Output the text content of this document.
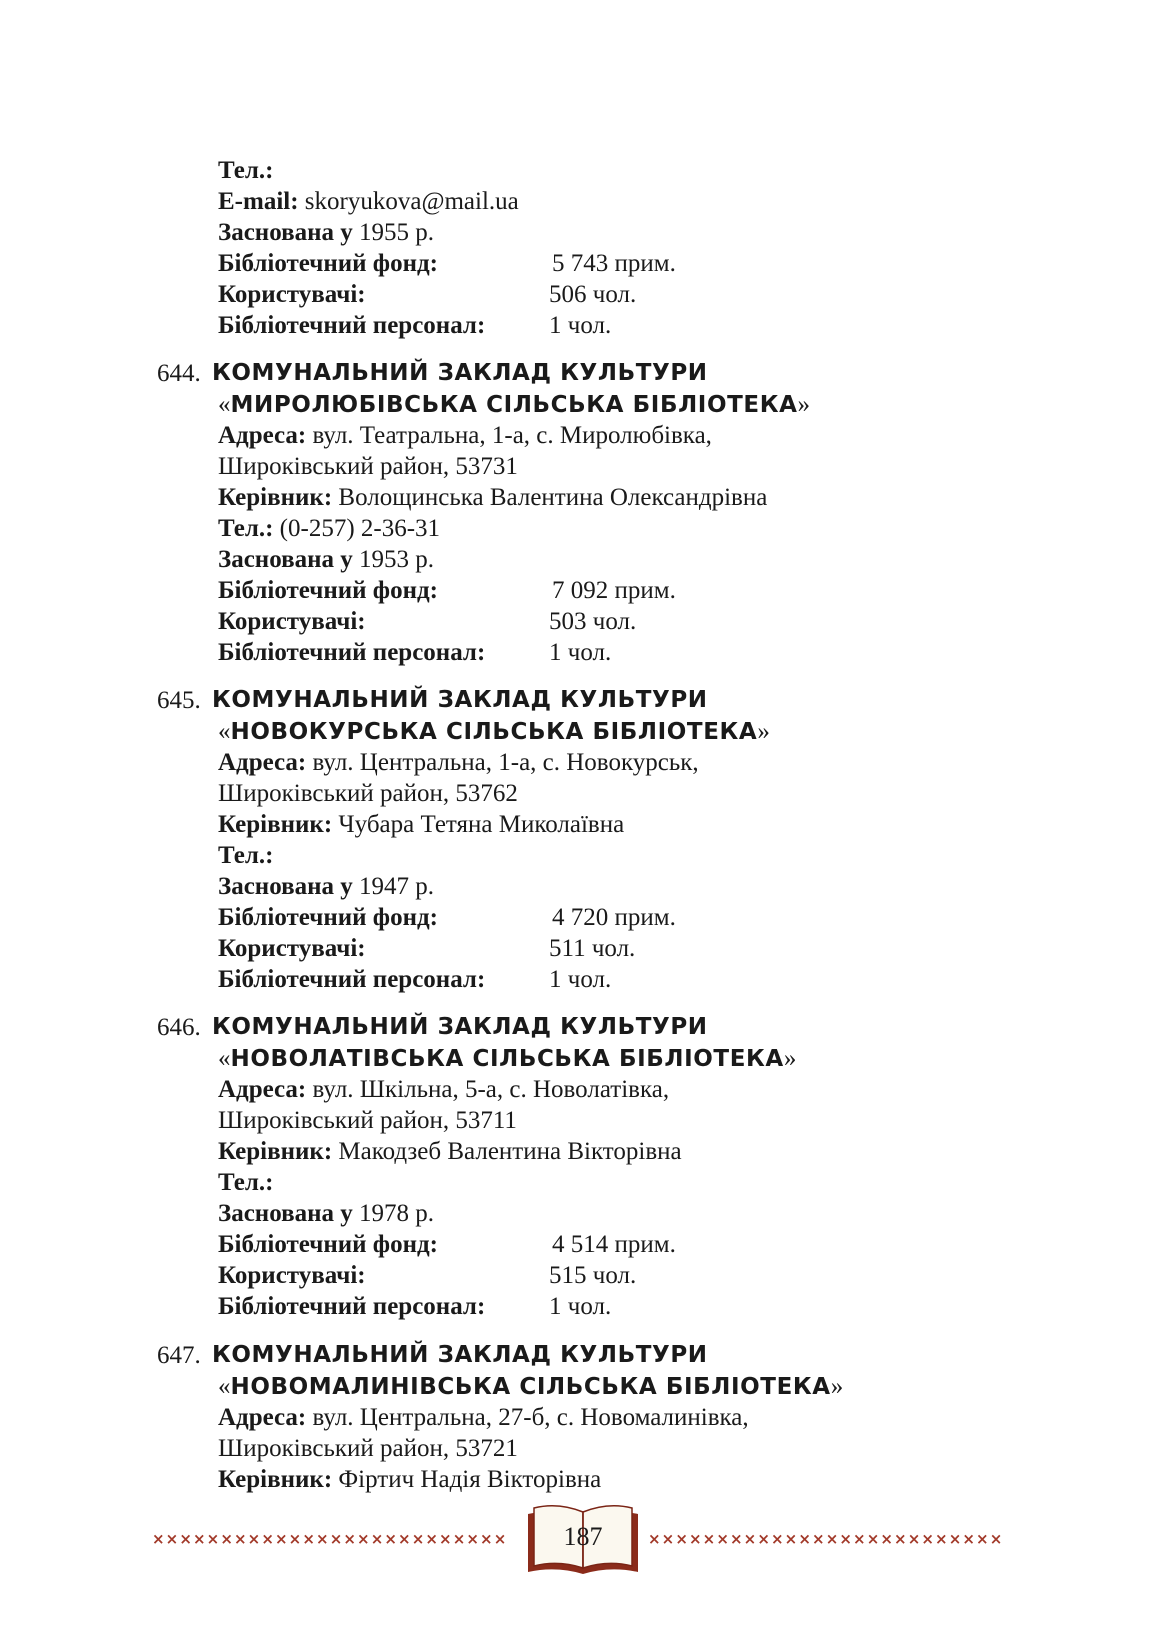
Тел.:
E-mail: skoryukova@mail.ua
Заснована у 1955 р.
Бібліотечний фонд:	5 743 прим.
Користувачі:	506 чол.
Бібліотечний персонал:	1 чол.
644. КОМУНАЛЬНИЙ ЗАКЛАД КУЛЬТУРИ
«МИРОЛЮБІВСЬКА СІЛЬСЬКА БІБЛІОТЕКА»
Адреса: вул. Театральна, 1-а, с. Миролюбівка,
Широківський район, 53731
Керівник: Волощинська Валентина Олександрівна
Тел.: (0-257) 2-36-31
Заснована у 1953 р.
Бібліотечний фонд:	7 092 прим.
Користувачі:	503 чол.
Бібліотечний персонал:	1 чол.
645. КОМУНАЛЬНИЙ ЗАКЛАД КУЛЬТУРИ
«НОВОКУРСЬКА СІЛЬСЬКА БІБЛІОТЕКА»
Адреса: вул. Центральна, 1-а, с. Новокурськ,
Широківський район, 53762
Керівник: Чубара Тетяна Миколаївна
Тел.:
Заснована у 1947 р.
Бібліотечний фонд:	4 720 прим.
Користувачі:	511 чол.
Бібліотечний персонал:	1 чол.
646. КОМУНАЛЬНИЙ ЗАКЛАД КУЛЬТУРИ
«НОВОЛАТІВСЬКА СІЛЬСЬКА БІБЛІОТЕКА»
Адреса: вул. Шкільна, 5-а, с. Новолатівка,
Широківський район, 53711
Керівник: Макодзеб Валентина Вікторівна
Тел.:
Заснована у 1978 р.
Бібліотечний фонд:	4 514 прим.
Користувачі:	515 чол.
Бібліотечний персонал:	1 чол.
647. КОМУНАЛЬНИЙ ЗАКЛАД КУЛЬТУРИ
«НОВОМАЛИНІВСЬКА СІЛЬСЬКА БІБЛІОТЕКА»
Адреса: вул. Центральна, 27-б, с. Новомалинівка,
Широківський район, 53721
Керівник: Фіртич Надія Вікторівна
××××××××××××××××××××××××××	187	××××××××××××××××××××××××××
